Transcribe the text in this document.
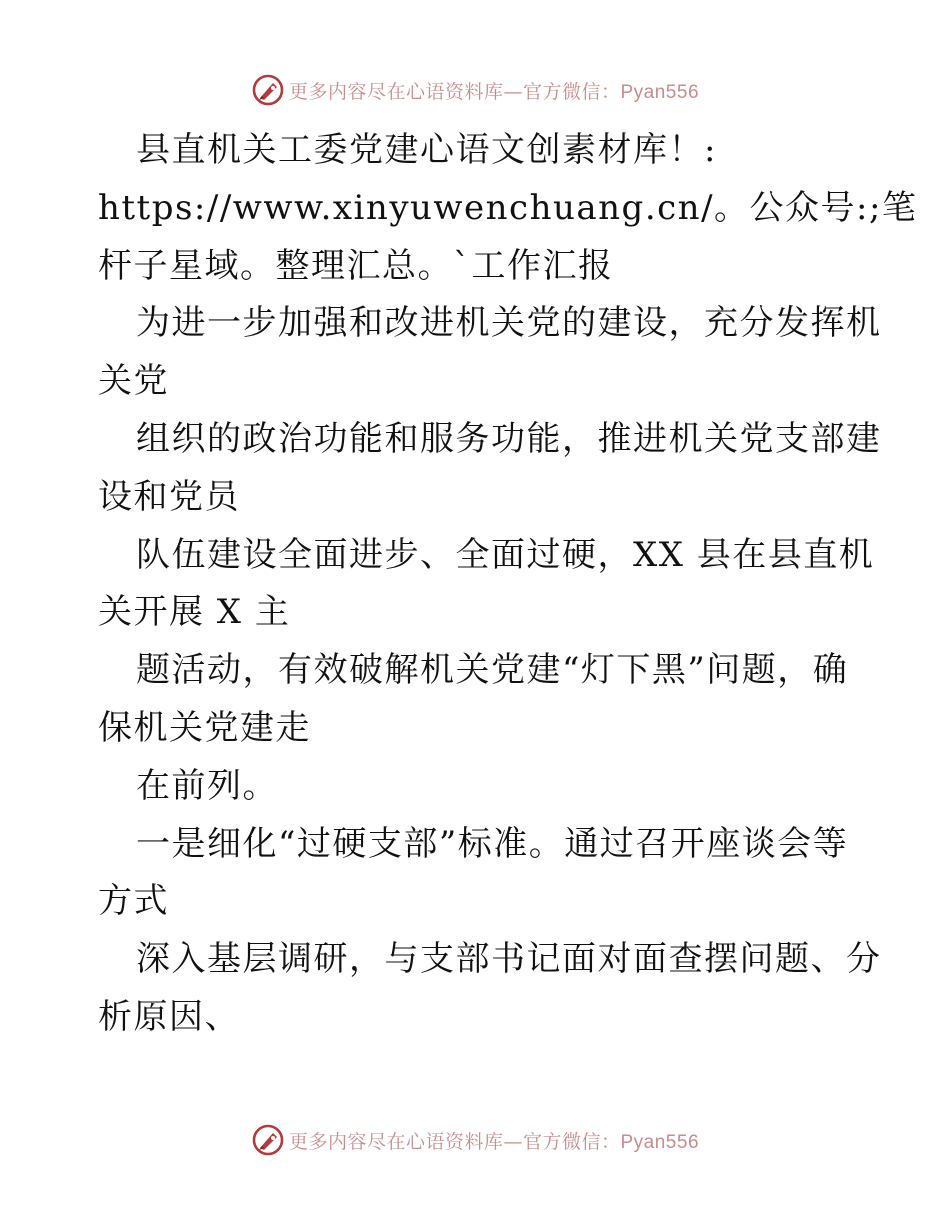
更多内容尽在心语资料库—官方微信：Pyan556
县直机关工委党建心语文创素材库！:
https://www.xinyuwenchuang.cn/。公众号:;笔
杆子星域。整理汇总。`工作汇报
为进一步加强和改进机关党的建设，充分发挥机
关党
组织的政治功能和服务功能，推进机关党支部建
设和党员
队伍建设全面进步、全面过硬，XX 县在县直机
关开展 X 主
题活动，有效破解机关党建“灯下黑”问题，确
保机关党建走
在前列。
一是细化“过硬支部”标准。通过召开座谈会等
方式
深入基层调研，与支部书记面对面查摆问题、分
析原因、
更多内容尽在心语资料库—官方微信：Pyan556
